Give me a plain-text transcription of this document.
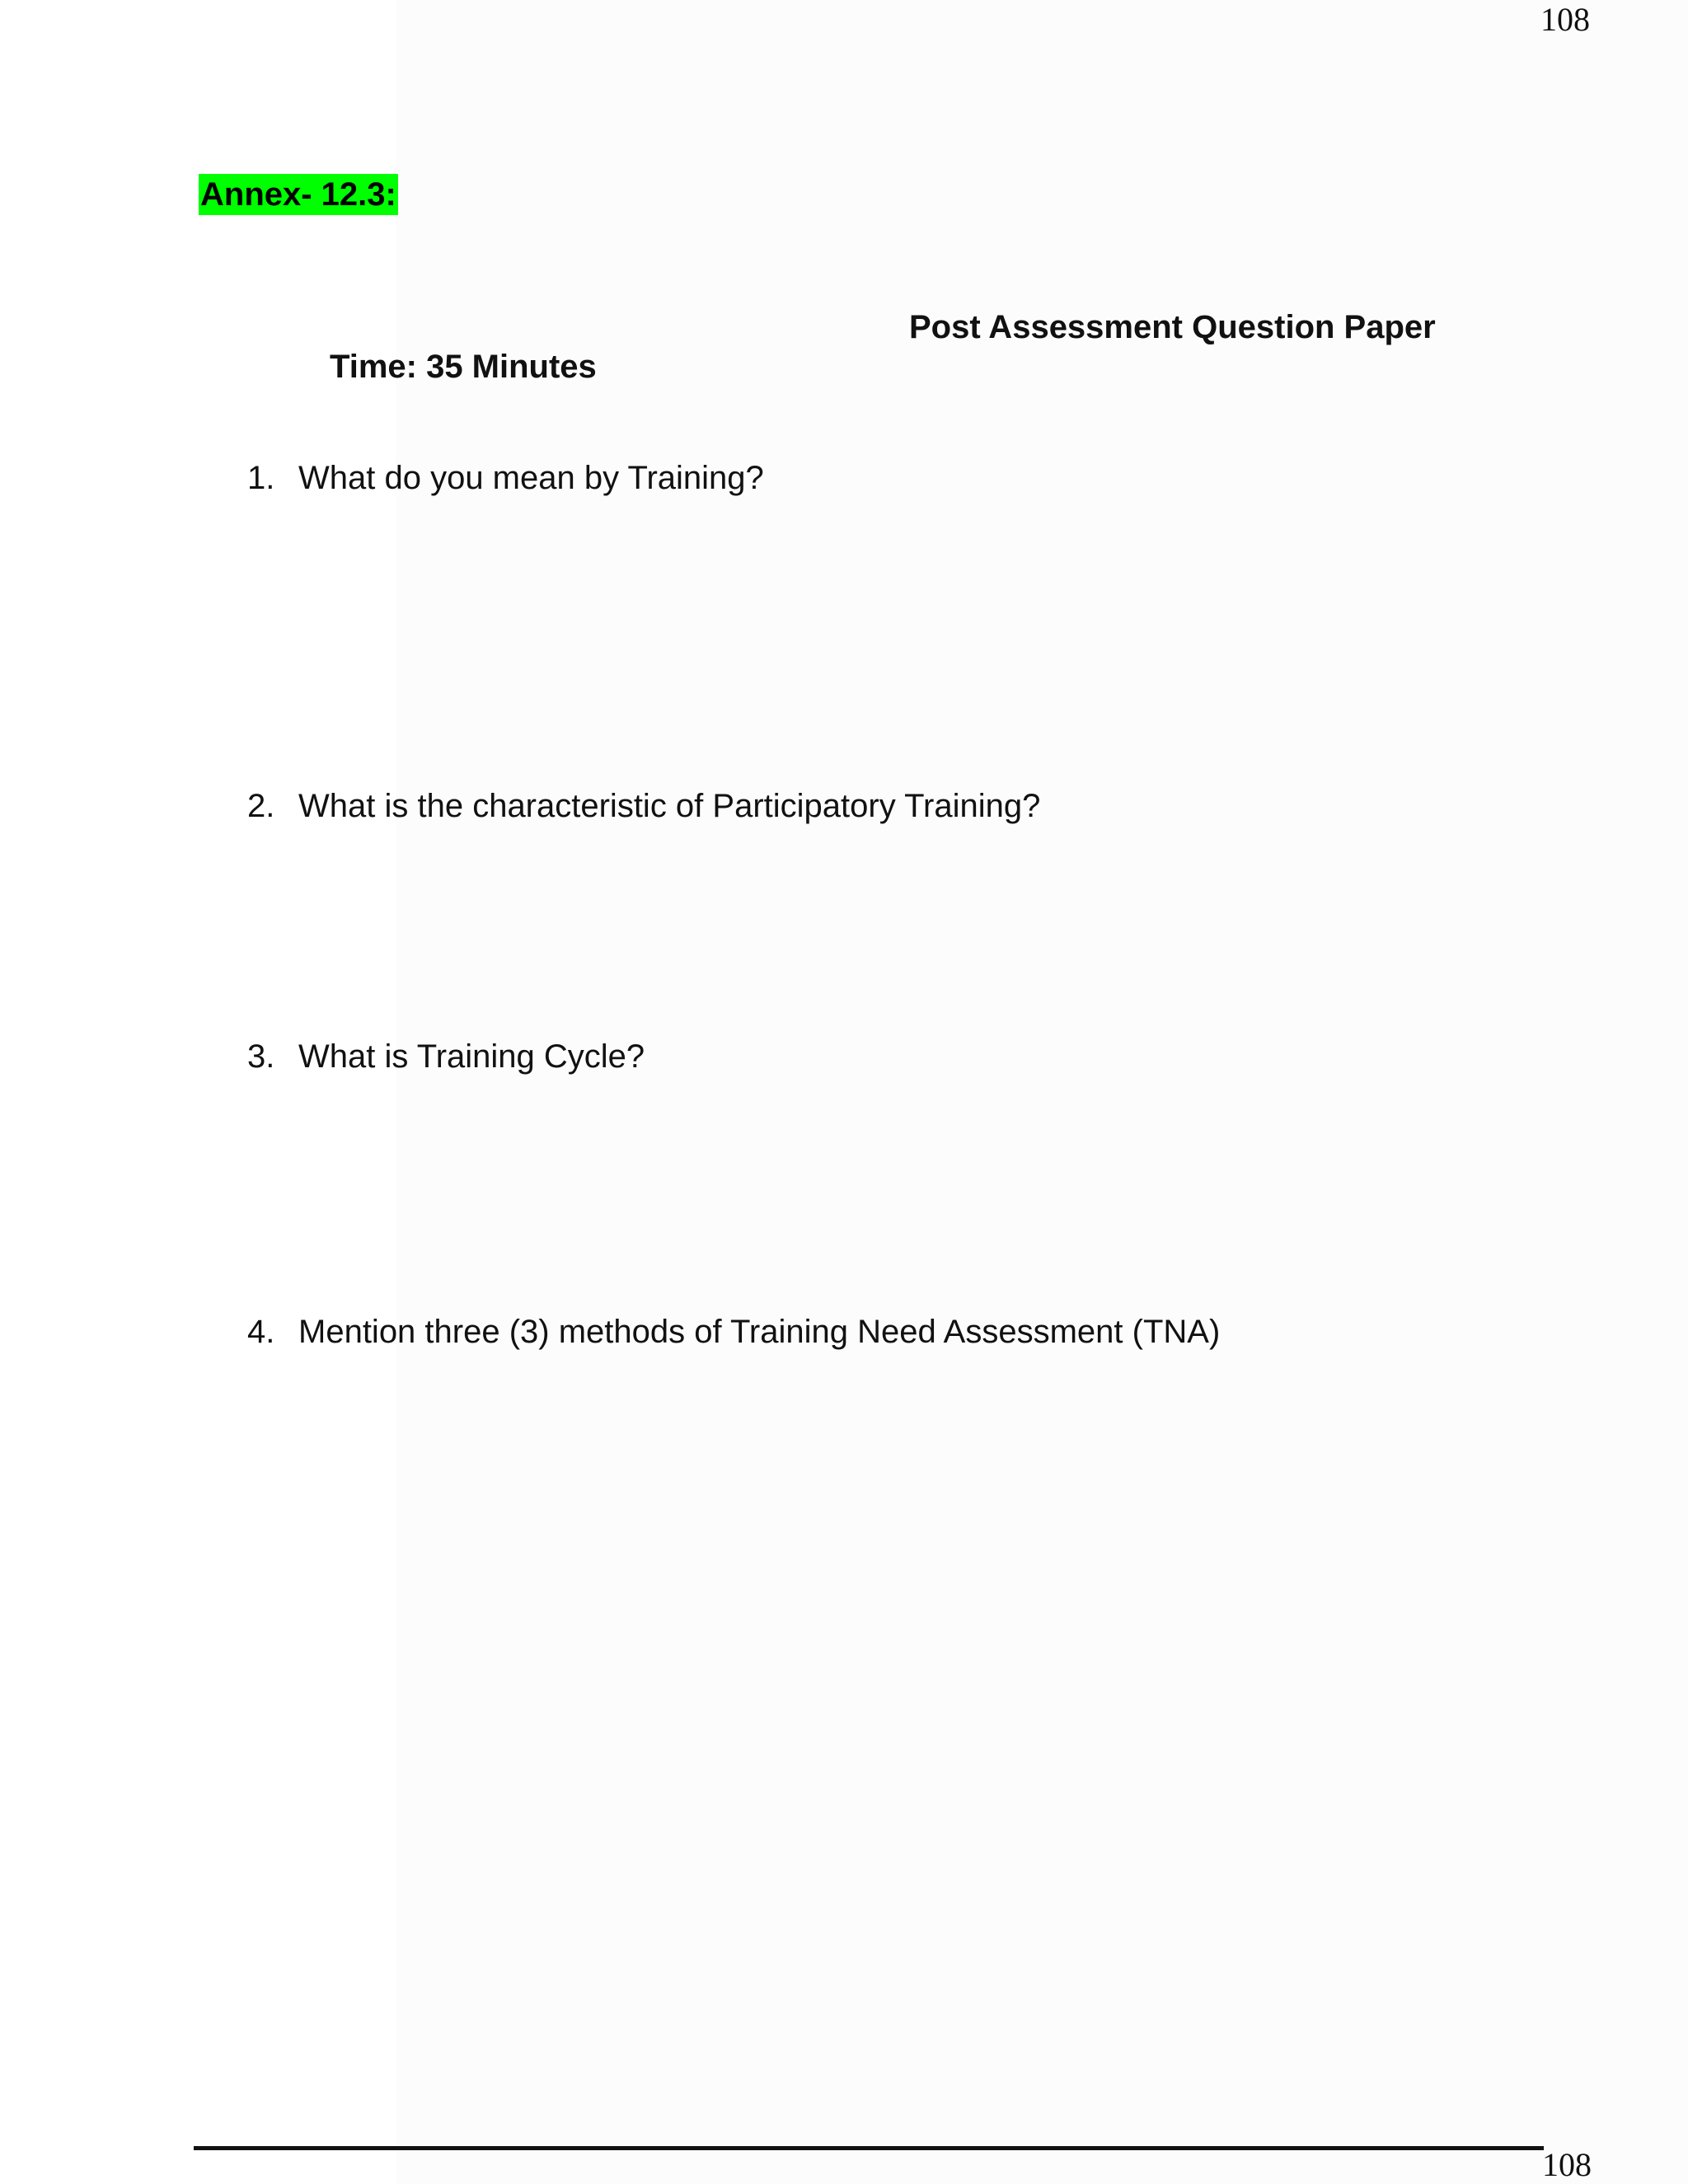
108
Annex- 12.3:
Post Assessment Question Paper
Time: 35 Minutes
1. What do you mean by Training?
2. What is the characteristic of Participatory Training?
3. What is Training Cycle?
4. Mention three (3) methods of Training Need Assessment (TNA)
108
